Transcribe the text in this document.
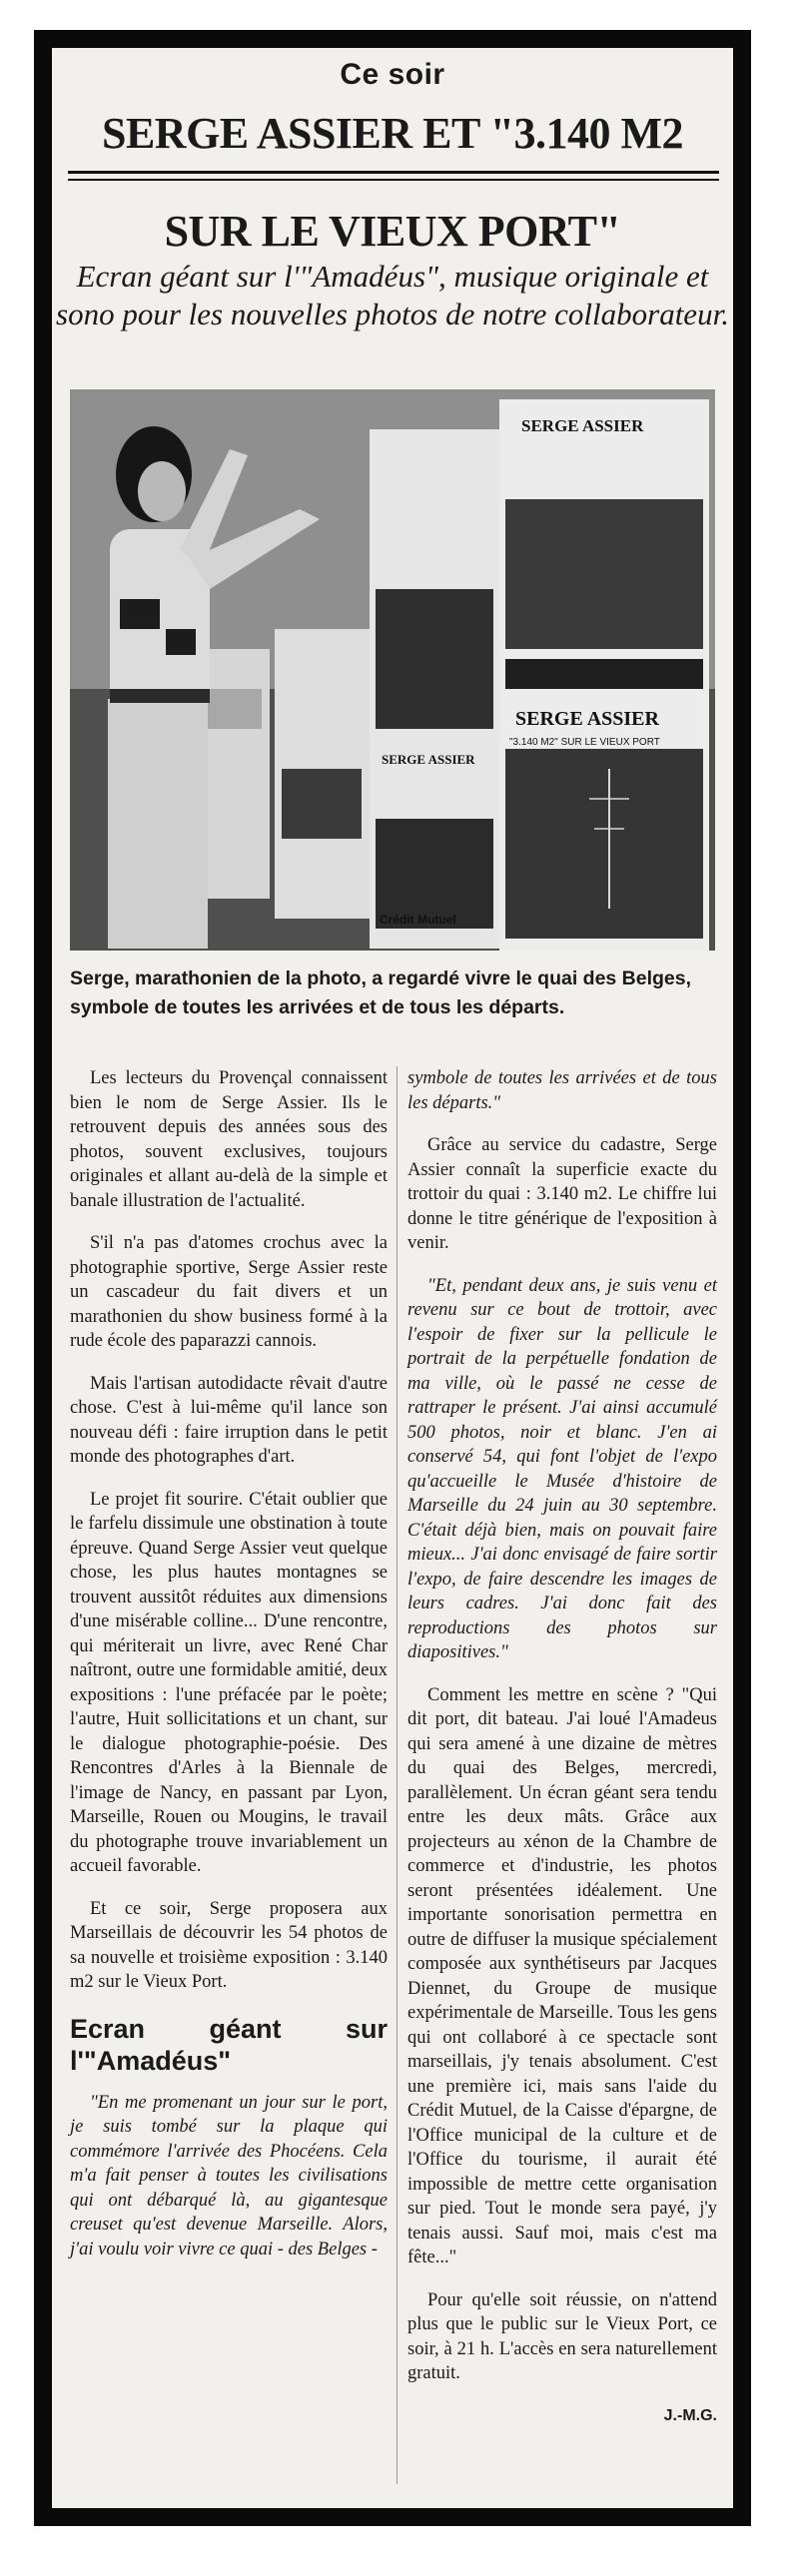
Ce soir
SERGE ASSIER ET "3.140 M2
SUR LE VIEUX PORT"
Ecran géant sur l'"Amadéus", musique originale et sono pour les nouvelles photos de notre collaborateur.
SERGE ASSIER
Crédit Mutuel
SERGE ASSIER
SERGE ASSIER
"3.140 M2" SUR LE VIEUX PORT
Serge, marathonien de la photo, a regardé vivre le quai des Belges, symbole de toutes les arrivées et de tous les départs.

Les lecteurs du Provençal connaissent bien le nom de Serge Assier. Ils le retrouvent depuis des années sous des photos, souvent exclusives, toujours originales et allant au-delà de la simple et banale illustration de l'actualité.

S'il n'a pas d'atomes crochus avec la photographie sportive, Serge Assier reste un cascadeur du fait divers et un marathonien du show business formé à la rude école des paparazzi cannois.

Mais l'artisan autodidacte rêvait d'autre chose. C'est à lui-même qu'il lance son nouveau défi : faire irruption dans le petit monde des photographes d'art.

Le projet fit sourire. C'était oublier que le farfelu dissimule une obstination à toute épreuve. Quand Serge Assier veut quelque chose, les plus hautes montagnes se trouvent aussitôt réduites aux dimensions d'une misérable colline... D'une rencontre, qui mériterait un livre, avec René Char naîtront, outre une formidable amitié, deux expositions : l'une préfacée par le poète; l'autre, Huit sollicitations et un chant, sur le dialogue photographie-poésie. Des Rencontres d'Arles à la Biennale de l'image de Nancy, en passant par Lyon, Marseille, Rouen ou Mougins, le travail du photographe trouve invariablement un accueil favorable.

Et ce soir, Serge proposera aux Marseillais de découvrir les 54 photos de sa nouvelle et troisième exposition : 3.140 m2 sur le Vieux Port.

Ecran géant sur l'"Amadéus"

"En me promenant un jour sur le port, je suis tombé sur la plaque qui commémore l'arrivée des Phocéens. Cela m'a fait penser à toutes les civilisations qui ont débarqué là, au gigantesque creuset qu'est devenue Marseille. Alors, j'ai voulu voir vivre ce quai - des Belges -

symbole de toutes les arrivées et de tous les départs."

Grâce au service du cadastre, Serge Assier connaît la superficie exacte du trottoir du quai : 3.140 m2. Le chiffre lui donne le titre générique de l'exposition à venir.

"Et, pendant deux ans, je suis venu et revenu sur ce bout de trottoir, avec l'espoir de fixer sur la pellicule le portrait de la perpétuelle fondation de ma ville, où le passé ne cesse de rattraper le présent. J'ai ainsi accumulé 500 photos, noir et blanc. J'en ai conservé 54, qui font l'objet de l'expo qu'accueille le Musée d'histoire de Marseille du 24 juin au 30 septembre. C'était déjà bien, mais on pouvait faire mieux... J'ai donc envisagé de faire sortir l'expo, de faire descendre les images de leurs cadres. J'ai donc fait des reproductions des photos sur diapositives."

Comment les mettre en scène ? "Qui dit port, dit bateau. J'ai loué l'Amadeus qui sera amené à une dizaine de mètres du quai des Belges, mercredi, parallèlement. Un écran géant sera tendu entre les deux mâts. Grâce aux projecteurs au xénon de la Chambre de commerce et d'industrie, les photos seront présentées idéalement. Une importante sonorisation permettra en outre de diffuser la musique spécialement composée aux synthétiseurs par Jacques Diennet, du Groupe de musique expérimentale de Marseille. Tous les gens qui ont collaboré à ce spectacle sont marseillais, j'y tenais absolument. C'est une première ici, mais sans l'aide du Crédit Mutuel, de la Caisse d'épargne, de l'Office municipal de la culture et de l'Office du tourisme, il aurait été impossible de mettre cette organisation sur pied. Tout le monde sera payé, j'y tenais aussi. Sauf moi, mais c'est ma fête..."

Pour qu'elle soit réussie, on n'attend plus que le public sur le Vieux Port, ce soir, à 21 h. L'accès en sera naturellement gratuit.

J.-M.G.
